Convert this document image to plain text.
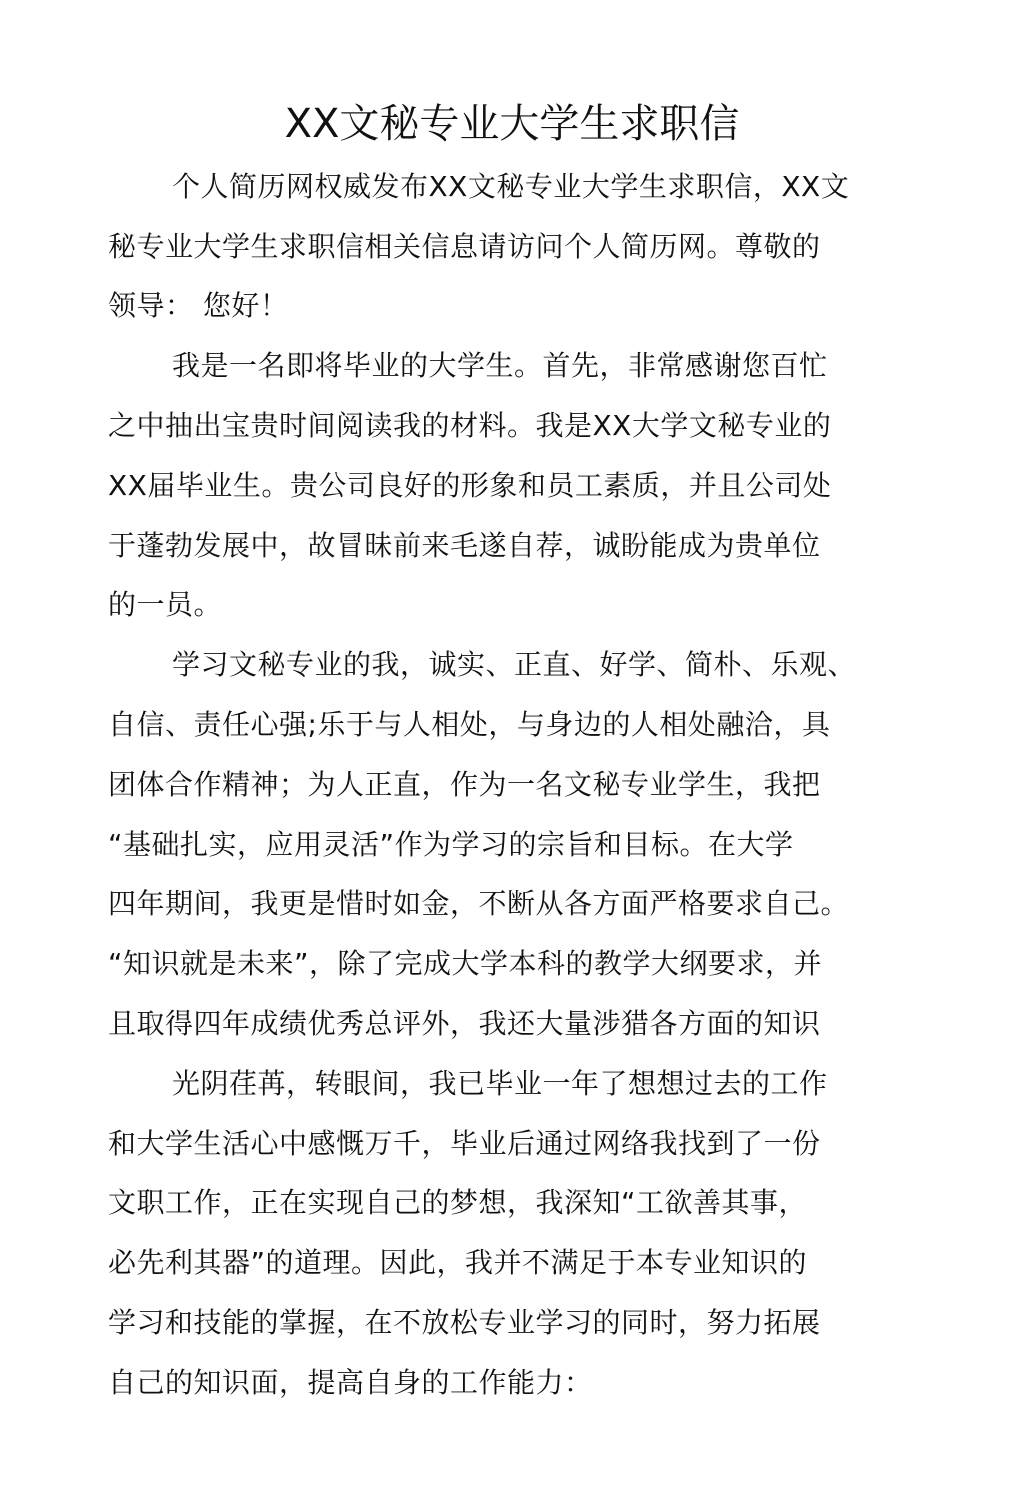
XX文秘专业大学生求职信
个人简历网权威发布XX文秘专业大学生求职信，XX文
秘专业大学生求职信相关信息请访问个人简历网。尊敬的
领导： 您好！
我是一名即将毕业的大学生。首先，非常感谢您百忙
之中抽出宝贵时间阅读我的材料。我是XX大学文秘专业的
XX届毕业生。贵公司良好的形象和员工素质，并且公司处
于蓬勃发展中，故冒昧前来毛遂自荐，诚盼能成为贵单位
的一员。
学习文秘专业的我，诚实、正直、好学、简朴、乐观、
自信、责任心强;乐于与人相处，与身边的人相处融洽，具
团体合作精神；为人正直，作为一名文秘专业学生，我把
“基础扎实，应用灵活”作为学习的宗旨和目标。在大学
四年期间，我更是惜时如金，不断从各方面严格要求自己。
“知识就是未来”，除了完成大学本科的教学大纲要求，并
且取得四年成绩优秀总评外，我还大量涉猎各方面的知识
光阴荏苒，转眼间，我已毕业一年了想想过去的工作
和大学生活心中感慨万千，毕业后通过网络我找到了一份
文职工作，正在实现自己的梦想，我深知“工欲善其事，
必先利其器”的道理。因此，我并不满足于本专业知识的
学习和技能的掌握，在不放松专业学习的同时，努力拓展
自己的知识面，提高自身的工作能力：
